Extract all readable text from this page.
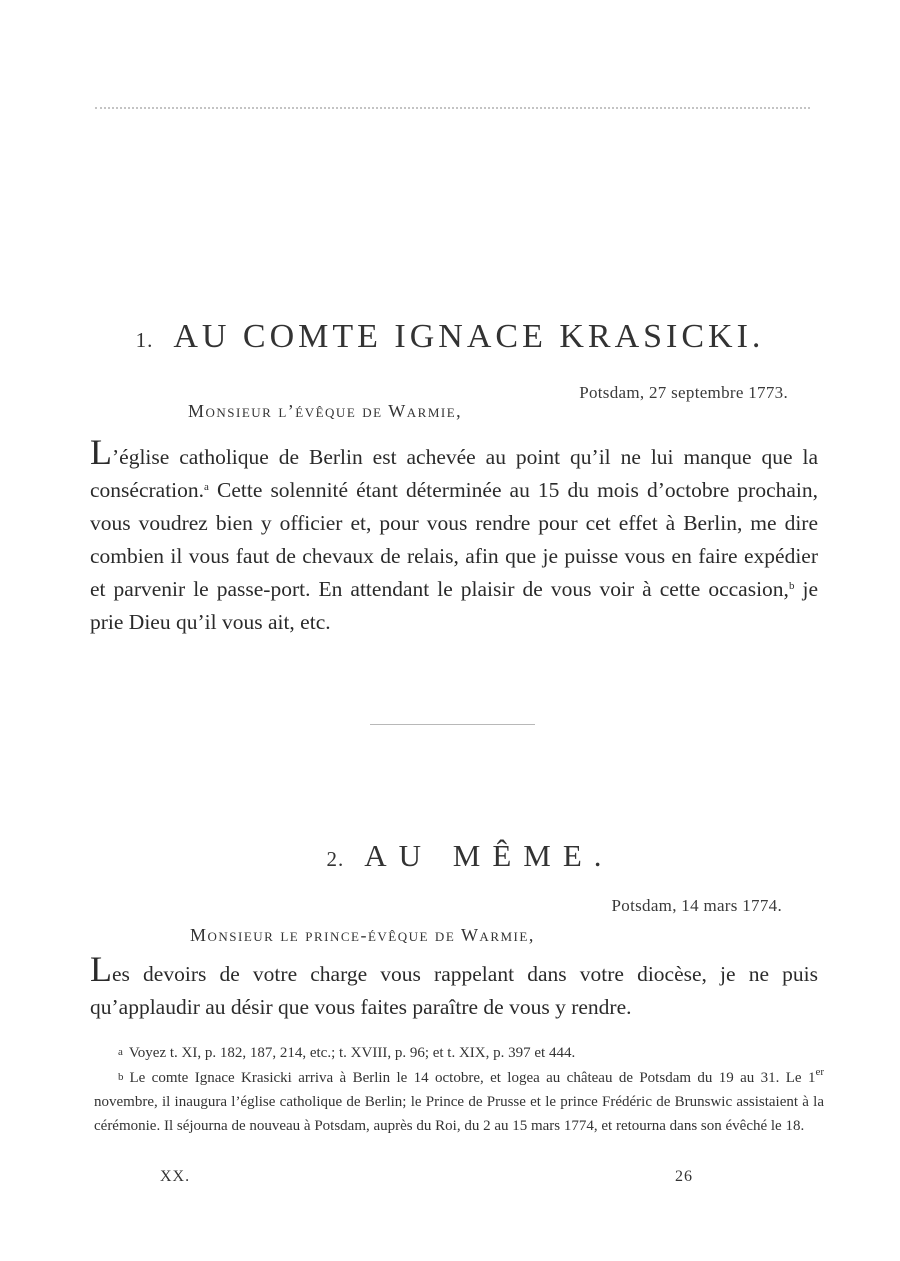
1. AU COMTE IGNACE KRASICKI.
Potsdam, 27 septembre 1773.
Monsieur l’évêque de Warmie,

L’église catholique de Berlin est achevée au point qu’il ne lui manque que la consécration.$^a$ Cette solennité étant déterminée au 15 du mois d’octobre prochain, vous voudrez bien y officier et, pour vous rendre pour cet effet à Berlin, me dire combien il vous faut de chevaux de relais, afin que je puisse vous en faire expédier et parvenir le passe-port. En attendant le plaisir de vous voir à cette occasion,$^b$ je prie Dieu qu’il vous ait, etc.

2. AU MÊME.
Potsdam, 14 mars 1774.
Monsieur le prince-évêque de Warmie,

Les devoirs de votre charge vous rappelant dans votre diocèse, je ne puis qu’applaudir au désir que vous faites paraître de vous y rendre.

a Voyez t. XI, p. 182, 187, 214, etc.; t. XVIII, p. 96; et t. XIX, p. 397 et 444.

b Le comte Ignace Krasicki arriva à Berlin le 14 octobre, et logea au château de Potsdam du 19 au 31. Le 1er novembre, il inaugura l’église catholique de Berlin; le Prince de Prusse et le prince Frédéric de Brunswic assistaient à la cérémonie. Il séjourna de nouveau à Potsdam, auprès du Roi, du 2 au 15 mars 1774, et retourna dans son évêché le 18.

XX.	26
